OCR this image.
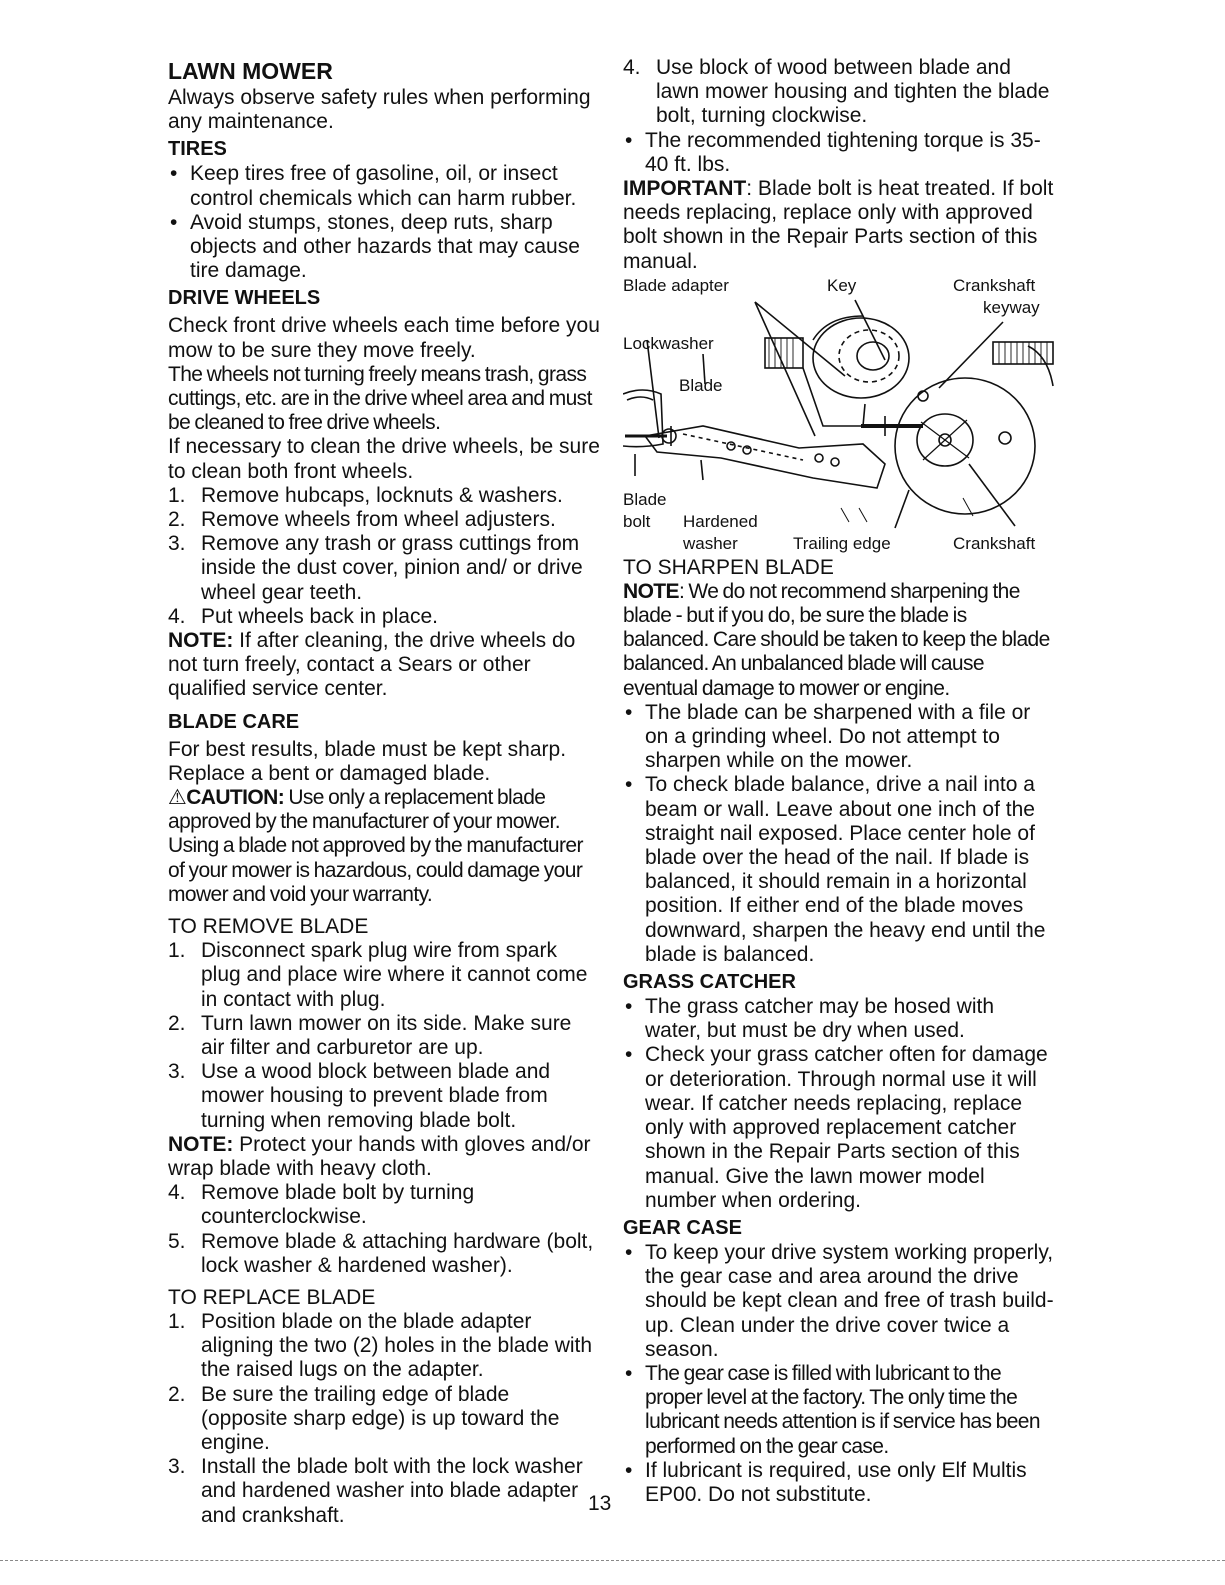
LAWN MOWER

Always observe safety rules when performing any maintenance.

TIRES
• Keep tires free of gasoline, oil, or insect control chemicals which can harm rubber.
• Avoid stumps, stones, deep ruts, sharp objects and other hazards that may cause tire damage.
DRIVE WHEELS

Check front drive wheels each time before you mow to be sure they move freely.

The wheels not turning freely means trash, grass cuttings, etc. are in the drive wheel area and must be cleaned to free drive wheels.

If necessary to clean the drive wheels, be sure to clean both front wheels.

1. Remove hubcaps, locknuts & washers.
2. Remove wheels from wheel adjusters.
3. Remove any trash or grass cuttings from inside the dust cover, pinion and/ or drive wheel gear teeth.
4. Put wheels back in place.

NOTE: If after cleaning, the drive wheels do not turn freely, contact a Sears or other qualified service center.

BLADE CARE

For best results, blade must be kept sharp. Replace a bent or damaged blade.

⚠CAUTION: Use only a replacement blade approved by the manufacturer of your mower. Using a blade not approved by the manufacturer of your mower is hazardous, could damage your mower and void your warranty.

TO REMOVE BLADE
1. Disconnect spark plug wire from spark plug and place wire where it cannot come in contact with plug.
2. Turn lawn mower on its side. Make sure air filter and carburetor are up.
3. Use a wood block between blade and mower housing to prevent blade from turning when removing blade bolt.

NOTE: Protect your hands with gloves and/or wrap blade with heavy cloth.

4. Remove blade bolt by turning counterclockwise.
5. Remove blade & attaching hardware (bolt, lock washer & hardened washer).
TO REPLACE BLADE
1. Position blade on the blade adapter aligning the two (2) holes in the blade with the raised lugs on the adapter.
2. Be sure the trailing edge of blade (opposite sharp edge) is up toward the engine.
3. Install the blade bolt with the lock washer and hardened washer into blade adapter and crankshaft.
4. Use block of wood between blade and lawn mower housing and tighten the blade bolt, turning clockwise.
• The recommended tightening torque is 35-40 ft. lbs.

IMPORTANT: Blade bolt is heat treated. If bolt needs replacing, replace only with approved bolt shown in the Repair Parts section of this manual.

Blade adapter	Key	Crankshaft
keyway
Lockwasher
Blade
Blade
bolt Hardened
washer	Trailing edge	Crankshaft
TO SHARPEN BLADE

NOTE: We do not recommend sharpening the blade - but if you do, be sure the blade is balanced. Care should be taken to keep the blade balanced. An unbalanced blade will cause eventual damage to mower or engine.

• The blade can be sharpened with a file or on a grinding wheel. Do not attempt to sharpen while on the mower.
• To check blade balance, drive a nail into a beam or wall. Leave about one inch of the straight nail exposed. Place center hole of blade over the head of the nail. If blade is balanced, it should remain in a horizontal position. If either end of the blade moves downward, sharpen the heavy end until the blade is balanced.
GRASS CATCHER
• The grass catcher may be hosed with water, but must be dry when used.
• Check your grass catcher often for damage or deterioration. Through normal use it will wear. If catcher needs replacing, replace only with approved replacement catcher shown in the Repair Parts section of this manual. Give the lawn mower model number when ordering.
GEAR CASE
• To keep your drive system working properly, the gear case and area around the drive should be kept clean and free of trash build-up. Clean under the drive cover twice a season.
• The gear case is filled with lubricant to the proper level at the factory. The only time the lubricant needs attention is if service has been performed on the gear case.
• If lubricant is required, use only Elf Multis EP00. Do not substitute.
13
